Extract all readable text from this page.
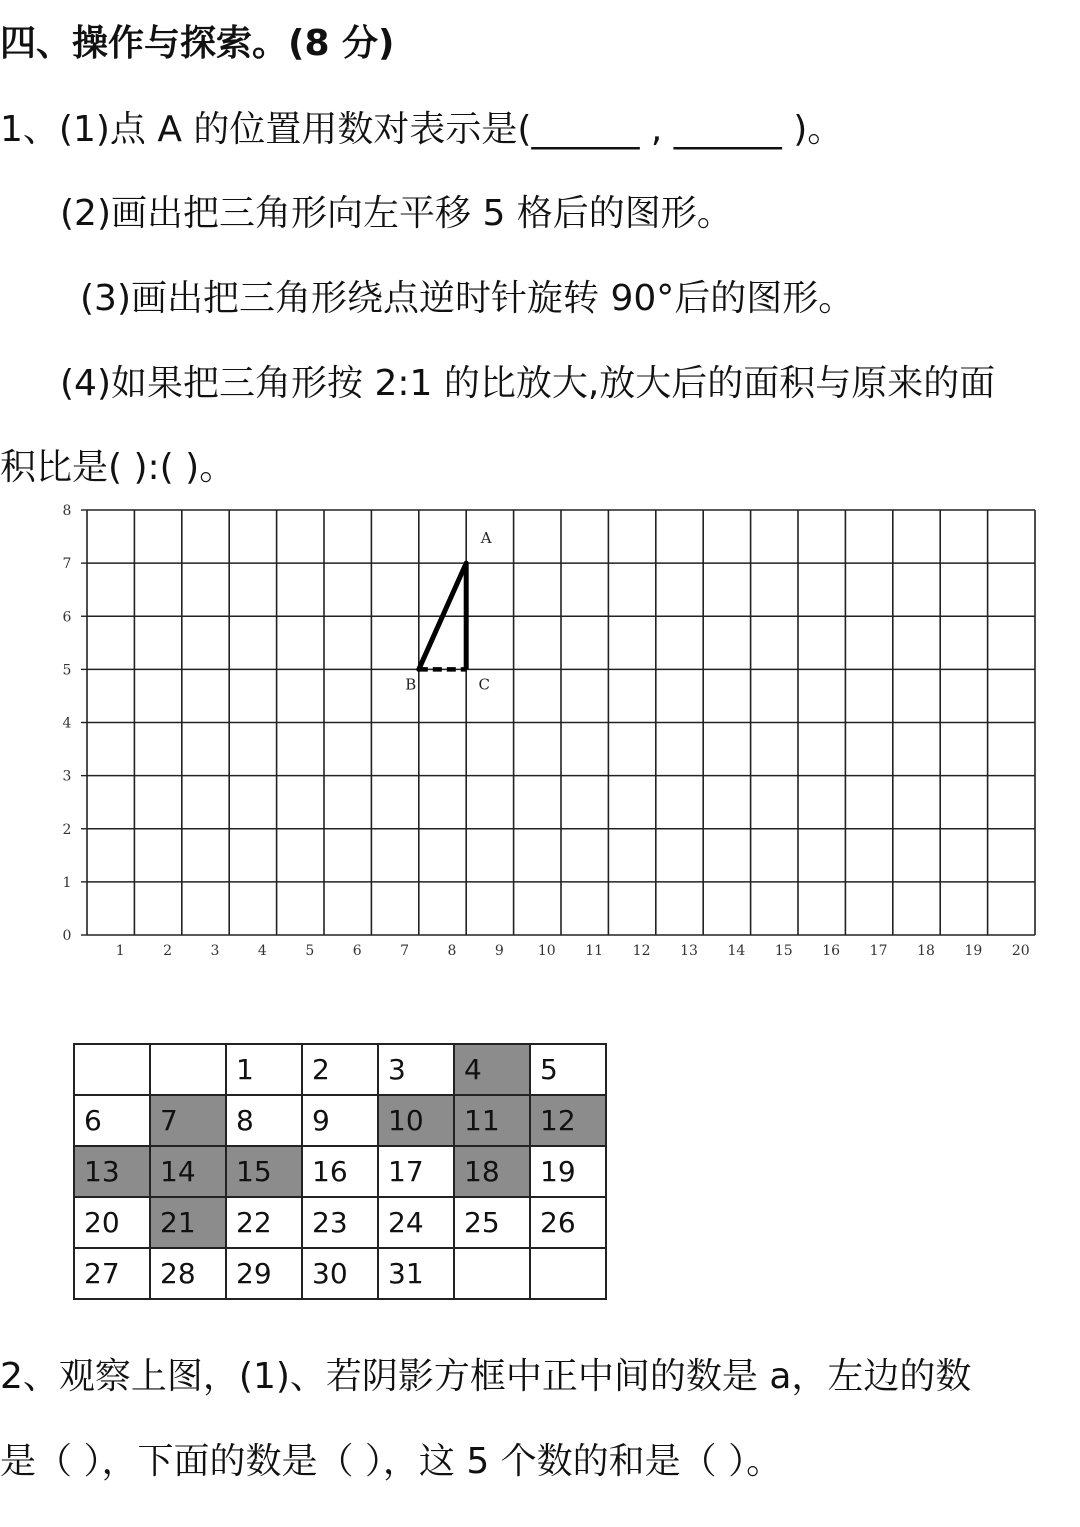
四、操作与探索。(8 分)
1、(1)点 A 的位置用数对表示是(______ , ______ )。
(2)画出把三角形向左平移 5 格后的图形。
(3)画出把三角形绕点逆时针旋转 90°后的图形。
(4)如果把三角形按 2:1 的比放大,放大后的面积与原来的面
积比是( ):( )。
1	2	3	4	5	6	7	8	9 10 11 12 13 14 15 16 17 18 19 20
0
1
2
3
4
5
6
7
8
A
B	C
		1	2	3	4	5
6	7	8	9	10	11	12
13	14	15	16	17	18	19
20	21	22	23	24	25	26
27	28	29	30	31		
2、观察上图，(1)、若阴影方框中正中间的数是 a，左边的数
是（ ），下面的数是（ ），这 5 个数的和是（ ）。
